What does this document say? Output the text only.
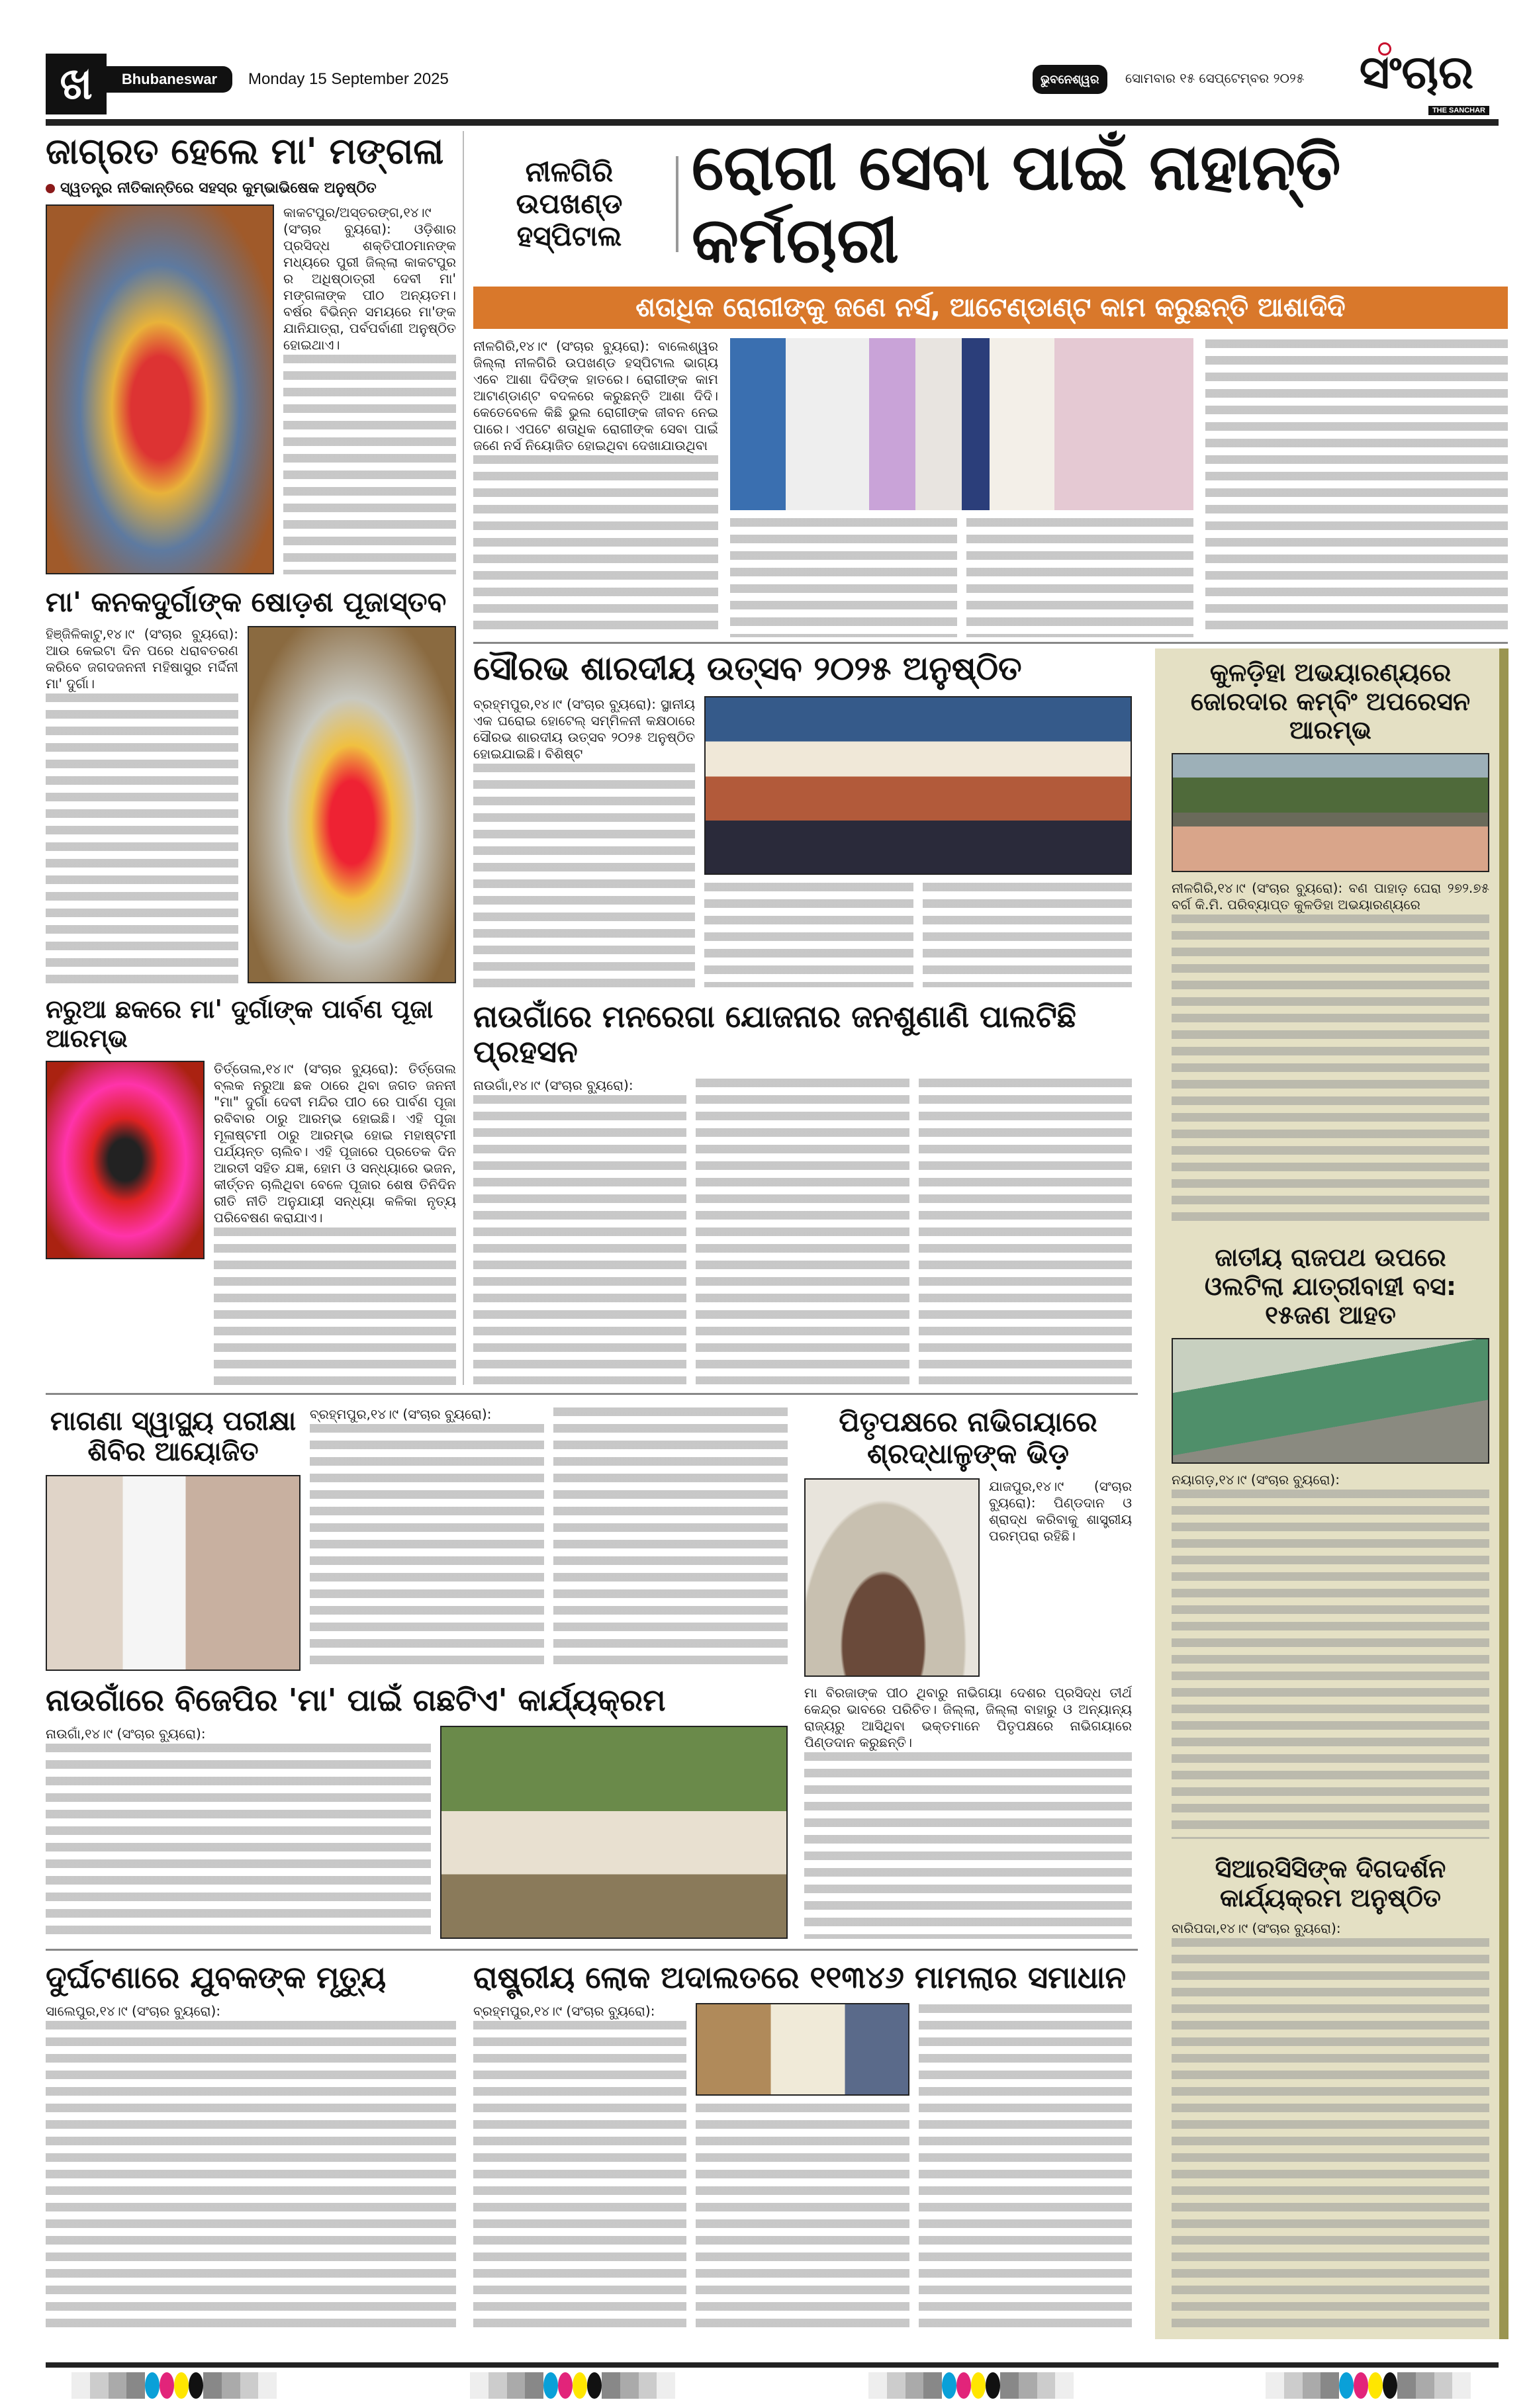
ଖ	Bhubaneswar	Monday 15 September 2025	ଭୁବନେଶ୍ୱର	ସୋମବାର ୧୫ ସେପ୍ଟେମ୍ବର ୨୦୨୫	ସଂଚାର
THE SANCHAR
ଜାଗ୍ରତ ହେଲେ ମା' ମଙ୍ଗଳା
ସ୍ୱତନ୍ତ୍ର ନୀତିକାନ୍ତିରେ ସହସ୍ର କୁମ୍ଭାଭିଷେକ ଅନୁଷ୍ଠିତ

କାକଟପୁର/ଅସ୍ତରଙ୍ଗ,୧୪।୯ (ସଂଚାର ବ୍ୟୁରୋ): ଓଡ଼ିଶାର ପ୍ରସିଦ୍ଧ ଶକ୍ତିପୀଠମାନଙ୍କ ମଧ୍ୟରେ ପୁରୀ ଜିଲ୍ଲା କାକଟପୁର ର ଅଧିଷ୍ଠାତ୍ରୀ ଦେବୀ ମା' ମଙ୍ଗଳାଙ୍କ ପୀଠ ଅନ୍ୟତମ। ବର୍ଷର ବିଭିନ୍ନ ସମୟରେ ମା'ଙ୍କ ଯାନିଯାତ୍ରା, ପର୍ବପର୍ବାଣୀ ଅନୁଷ୍ଠିତ ହୋଇଥାଏ।

ମା' କନକଦୁର୍ଗାଙ୍କ ଷୋଡ଼ଶ ପୂଜାସ୍ତବ

ହିଞ୍ଜିଳିକାଟୁ,୧୪।୯ (ସଂଚାର ବ୍ୟୁରୋ): ଆଉ କେଇଟା ଦିନ ପରେ ଧରାବତରଣ କରିବେ ଜଗଦଜନନୀ ମହିଷାସୁର ମର୍ଦ୍ଦିନୀ ମା' ଦୁର୍ଗା।

ନରୁଆ ଛକରେ ମା' ଦୁର୍ଗାଙ୍କ ପାର୍ବଣ ପୂଜା ଆରମ୍ଭ

ତିର୍ତ୍ତୋଲ,୧୪।୯ (ସଂଚାର ବ୍ୟୁରୋ): ତିର୍ତ୍ତୋଲ ବ୍ଲକ ନରୁଆ ଛକ ଠାରେ ଥିବା ଜଗତ ଜନନୀ "ମା" ଦୁର୍ଗା ଦେବୀ ମନ୍ଦିର ପୀଠ ରେ ପାର୍ବଣ ପୂଜା ରବିବାର ଠାରୁ ଆରମ୍ଭ ହୋଇଛି। ଏହି ପୂଜା ମୂଳାଷ୍ଟମୀ ଠାରୁ ଆରମ୍ଭ ହୋଇ ମହାଷ୍ଟମୀ ପର୍ଯ୍ୟନ୍ତ ଚାଲିବ। ଏହି ପୂଜାରେ ପ୍ରତେକ ଦିନ ଆରତୀ ସହିତ ଯଜ୍ଞ, ହୋମ ଓ ସନ୍ଧ୍ୟାରେ ଭଜନ, କୀର୍ତ୍ତନ ଚାଲିଥିବା ବେଳେ ପୂଜାର ଶେଷ ତିନିଦିନ ରୀତି ନୀତି ଅନୁଯାୟୀ ସନ୍ଧ୍ୟା କଳିକା ନୃତ୍ୟ ପରିବେଷଣ କରାଯାଏ।

ନୀଳଗିରି ଉପଖଣ୍ଡ ହସ୍ପିଟାଲ
ରୋଗୀ ସେବା ପାଇଁ ନାହାନ୍ତି କର୍ମଚାରୀ
ଶତାଧିକ ରୋଗୀଙ୍କୁ ଜଣେ ନର୍ସ, ଆଟେଣ୍ଡାଣ୍ଟ କାମ କରୁଛନ୍ତି ଆଶାଦିଦି

ନୀଳଗିରି,୧୪।୯ (ସଂଚାର ବ୍ୟୁରୋ): ବାଲେଶ୍ୱର ଜିଲ୍ଲା ନୀଳଗିରି ଉପଖଣ୍ଡ ହସ୍ପିଟାଲ ଭାଗ୍ୟ ଏବେ ଆଶା ଦିଦିଙ୍କ ହାତରେ। ରୋଗୀଙ୍କ କାମ ଆଟାଣ୍ଡାଣ୍ଟ ବଦଳରେ କରୁଛନ୍ତି ଆଶା ଦିଦି। କେତେବେଳେ କିଛି ଭୁଲ ରୋଗୀଙ୍କ ଜୀବନ ନେଇ ପାରେ। ଏପଟେ ଶତାଧିକ ରୋଗୀଙ୍କ ସେବା ପାଇଁ ଜଣେ ନର୍ସ ନିୟୋଜିତ ହୋଇଥିବା ଦେଖାଯାଉଥିବା

ସୌରଭ ଶାରଦୀୟ ଉତ୍ସବ ୨୦୨୫ ଅନୁଷ୍ଠିତ

ବ୍ରହ୍ମପୁର,୧୪।୯ (ସଂଚାର ବ୍ୟୁରୋ): ସ୍ଥାନୀୟ ଏକ ଘରୋଇ ହୋଟେଲ୍ ସମ୍ମିଳନୀ କକ୍ଷଠାରେ ସୌରଭ ଶାରଦୀୟ ଉତ୍ସବ ୨୦୨୫ ଅନୁଷ୍ଠିତ ହୋଇଯାଇଛି। ବିଶିଷ୍ଟ

ନାଉଗାଁରେ ମନରେଗା ଯୋଜନାର ଜନଶୁଣାଣି ପାଲଟିଛି ପ୍ରହସନ

ନାଉଗାଁ,୧୪।୯ (ସଂଚାର ବ୍ୟୁରୋ):

କୁଳଡ଼ିହା ଅଭୟାରଣ୍ୟରେ ଜୋରଦାର କମ୍ବିଂ ଅପରେସନ ଆରମ୍ଭ

ନୀଳଗିରି,୧୪।୯ (ସଂଚାର ବ୍ୟୁରୋ): ବଣ ପାହାଡ଼ ଘେରା ୨୭୨.୭୫ ବର୍ଗ କି.ମି. ପରିବ୍ୟାପ୍ତ କୁଳଡିହା ଅଭୟାରଣ୍ୟରେ

ଜାତୀୟ ରାଜପଥ ଉପରେ ଓଲଟିଲା ଯାତ୍ରୀବାହୀ ବସ: ୧୫ଜଣ ଆହତ

ନୟାଗଡ଼,୧୪।୯ (ସଂଚାର ବ୍ୟୁରୋ):

ସିଆରସିସିଙ୍କ ଦିଗଦର୍ଶନ କାର୍ଯ୍ୟକ୍ରମ ଅନୁଷ୍ଠିତ

ବାରିପଦା,୧୪।୯ (ସଂଚାର ବ୍ୟୁରୋ):

ମାଗଣା ସ୍ୱାସ୍ଥ୍ୟ ପରୀକ୍ଷା ଶିବିର ଆୟୋଜିତ

ବ୍ରହ୍ମପୁର,୧୪।୯ (ସଂଚାର ବ୍ୟୁରୋ):

ନାଉଗାଁରେ ବିଜେପିର 'ମା' ପାଇଁ ଗଛଟିଏ' କାର୍ଯ୍ୟକ୍ରମ

ନାଉଗାଁ,୧୪।୯ (ସଂଚାର ବ୍ୟୁରୋ):

ପିତୃପକ୍ଷରେ ନାଭିଗୟାରେ ଶ୍ରଦ୍ଧାଳୁଙ୍କ ଭିଡ଼

ଯାଜପୁର,୧୪।୯ (ସଂଚାର ବ୍ୟୁରୋ): ପିଣ୍ଡଦାନ ଓ ଶ୍ରାଦ୍ଧ କରିବାକୁ ଶାସ୍ତ୍ରୀୟ ପରମ୍ପରା ରହିଛି।

ମା ବିରଜାଙ୍କ ପୀଠ ଥିବାରୁ ନାଭିଗୟା ଦେଶର ପ୍ରସିଦ୍ଧ ତୀର୍ଥ କେନ୍ଦ୍ର ଭାବରେ ପରିଚିତ। ଜିଲ୍ଲା, ଜିଲ୍ଲା ବାହାରୁ ଓ ଅନ୍ୟାନ୍ୟ ରାଜ୍ୟରୁ ଆସିଥିବା ଭକ୍ତମାନେ ପିତୃପକ୍ଷରେ ନାଭିଗୟାରେ ପିଣ୍ଡଦାନ କରୁଛନ୍ତି।

ଦୁର୍ଘଟଣାରେ ଯୁବକଙ୍କ ମୃତ୍ୟୁ

ସାଲେପୁର,୧୪।୯ (ସଂଚାର ବ୍ୟୁରୋ):

ରାଷ୍ଟ୍ରୀୟ ଲୋକ ଅଦାଲତରେ ୧୧୩୪୬ ମାମଲାର ସମାଧାନ

ବ୍ରହ୍ମପୁର,୧୪।୯ (ସଂଚାର ବ୍ୟୁରୋ):
